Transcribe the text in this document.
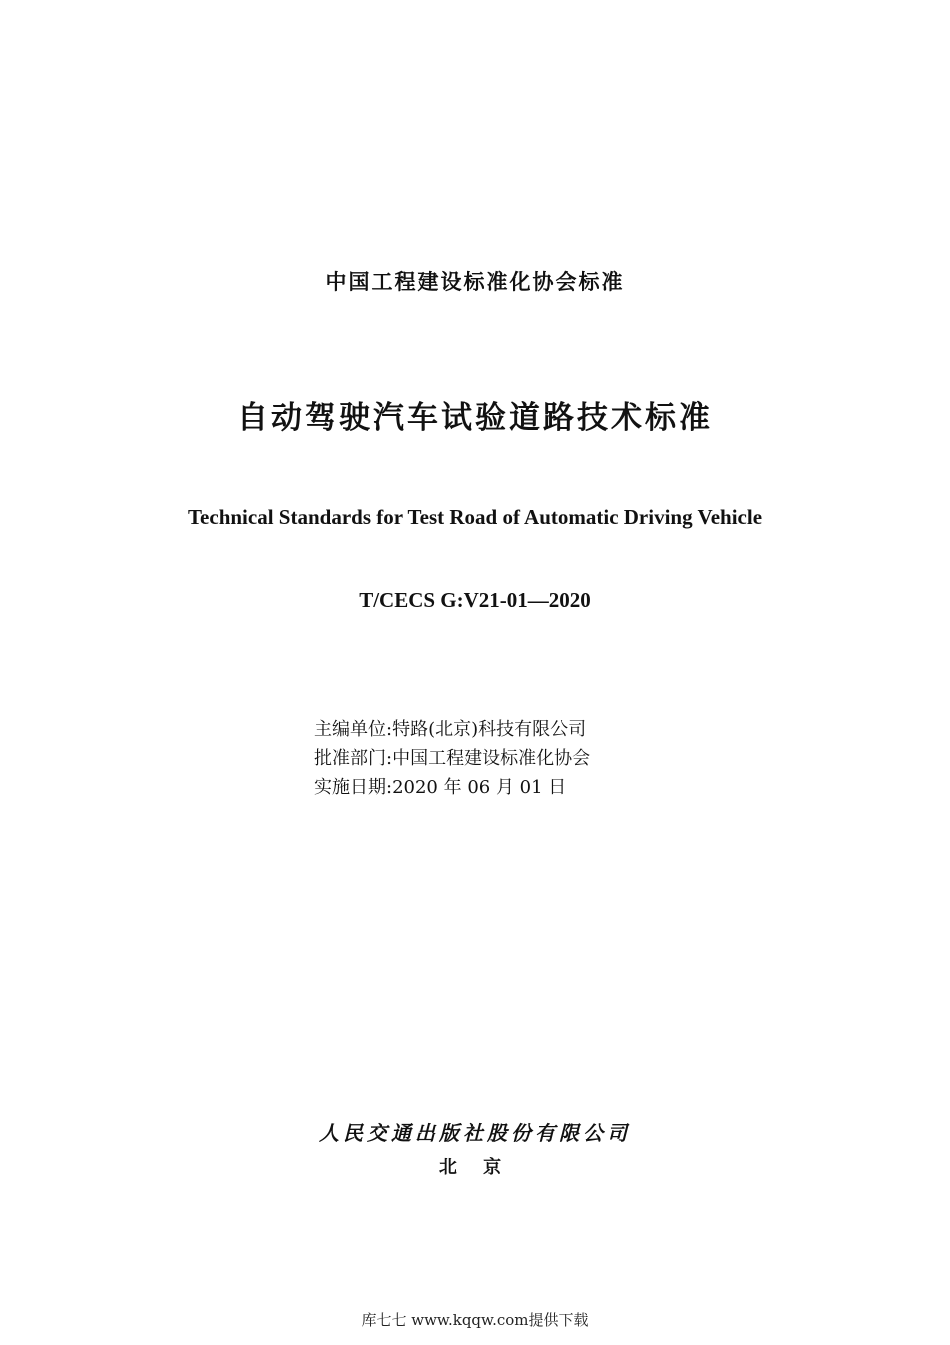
中国工程建设标准化协会标准
自动驾驶汽车试验道路技术标准
Technical Standards for Test Road of Automatic Driving Vehicle
T/CECS G:V21-01—2020
主编单位:特路(北京)科技有限公司
批准部门:中国工程建设标准化协会
实施日期:2020 年 06 月 01 日
人民交通出版社股份有限公司
北 京
库七七 www.kqqw.com提供下载
